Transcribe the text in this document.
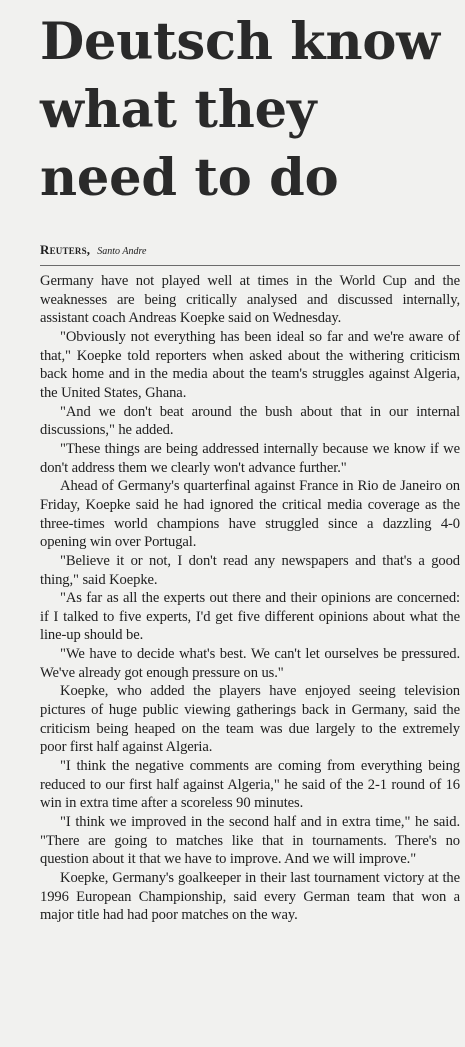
Deutsch know
what they
need to do
Reuters, Santo Andre

Germany have not played well at times in the World Cup and the weaknesses are being critically analysed and discussed internally, assistant coach Andreas Koepke said on Wednesday.

"Obviously not everything has been ideal so far and we're aware of that," Koepke told reporters when asked about the withering criticism back home and in the media about the team's struggles against Algeria, the United States, Ghana.

"And we don't beat around the bush about that in our internal discussions," he added.

"These things are being addressed internally because we know if we don't address them we clearly won't advance further."

Ahead of Germany's quarterfinal against France in Rio de Janeiro on Friday, Koepke said he had ignored the critical media coverage as the three-times world champions have struggled since a dazzling 4-0 opening win over Portugal.

"Believe it or not, I don't read any newspapers and that's a good thing," said Koepke.

"As far as all the experts out there and their opinions are concerned: if I talked to five experts, I'd get five different opinions about what the line-up should be.

"We have to decide what's best. We can't let ourselves be pressured. We've already got enough pressure on us."

Koepke, who added the players have enjoyed seeing television pictures of huge public viewing gatherings back in Germany, said the criticism being heaped on the team was due largely to the extremely poor first half against Algeria.

"I think the negative comments are coming from everything being reduced to our first half against Algeria," he said of the 2-1 round of 16 win in extra time after a scoreless 90 minutes.

"I think we improved in the second half and in extra time," he said. "There are going to matches like that in tournaments. There's no question about it that we have to improve. And we will improve."

Koepke, Germany's goalkeeper in their last tournament victory at the 1996 European Championship, said every German team that won a major title had had poor matches on the way.
